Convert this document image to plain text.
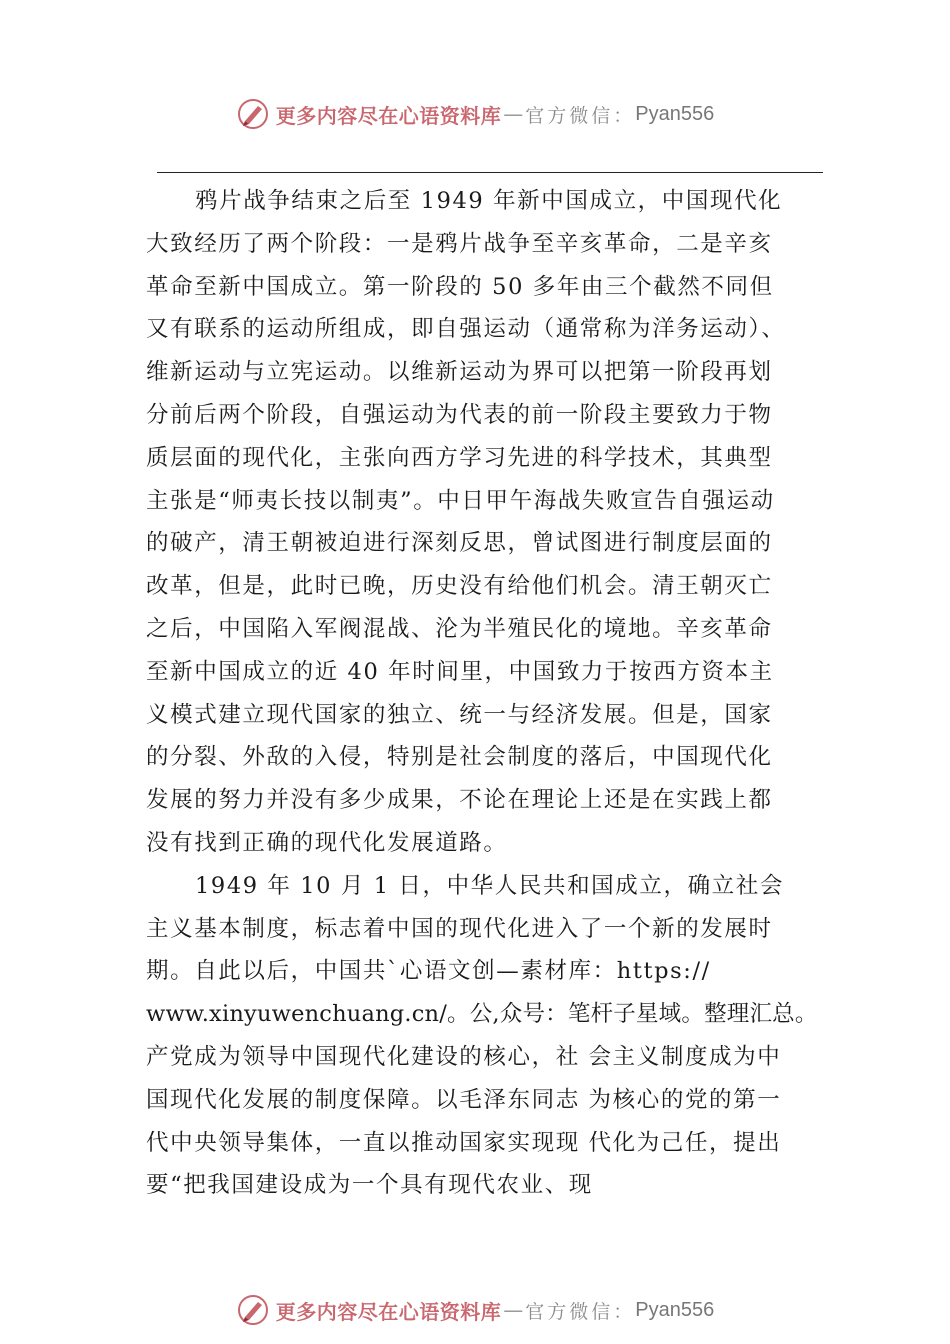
更多内容尽在心语资料库 — 官方微信： Pyan556

鸦片战争结束之后至 1949 年新中国成立，中国现代化
大致经历了两个阶段：一是鸦片战争至辛亥革命，二是辛亥
革命至新中国成立。第一阶段的 50 多年由三个截然不同但
又有联系的运动所组成，即自强运动（通常称为洋务运动）、
维新运动与立宪运动。以维新运动为界可以把第一阶段再划
分前后两个阶段，自强运动为代表的前一阶段主要致力于物
质层面的现代化，主张向西方学习先进的科学技术，其典型
主张是“师夷长技以制夷”。中日甲午海战失败宣告自强运动
的破产，清王朝被迫进行深刻反思，曾试图进行制度层面的
改革，但是，此时已晚，历史没有给他们机会。清王朝灭亡
之后，中国陷入军阀混战、沦为半殖民化的境地。辛亥革命
至新中国成立的近 40 年时间里，中国致力于按西方资本主
义模式建立现代国家的独立、统一与经济发展。但是，国家
的分裂、外敌的入侵，特别是社会制度的落后，中国现代化
发展的努力并没有多少成果，不论在理论上还是在实践上都
没有找到正确的现代化发展道路。

1949 年 10 月 1 日，中华人民共和国成立，确立社会
主义基本制度，标志着中国的现代化进入了一个新的发展时
期。自此以后，中国共`心语文创—素材库：https://
www.xinyuwenchuang.cn/。公,众号：笔杆子星域。整理汇总。
产党成为领导中国现代化建设的核心，社 会主义制度成为中
国现代化发展的制度保障。以毛泽东同志 为核心的党的第一
代中央领导集体，一直以推动国家实现现 代化为己任，提出
要“把我国建设成为一个具有现代农业、现

更多内容尽在心语资料库 — 官方微信： Pyan556
